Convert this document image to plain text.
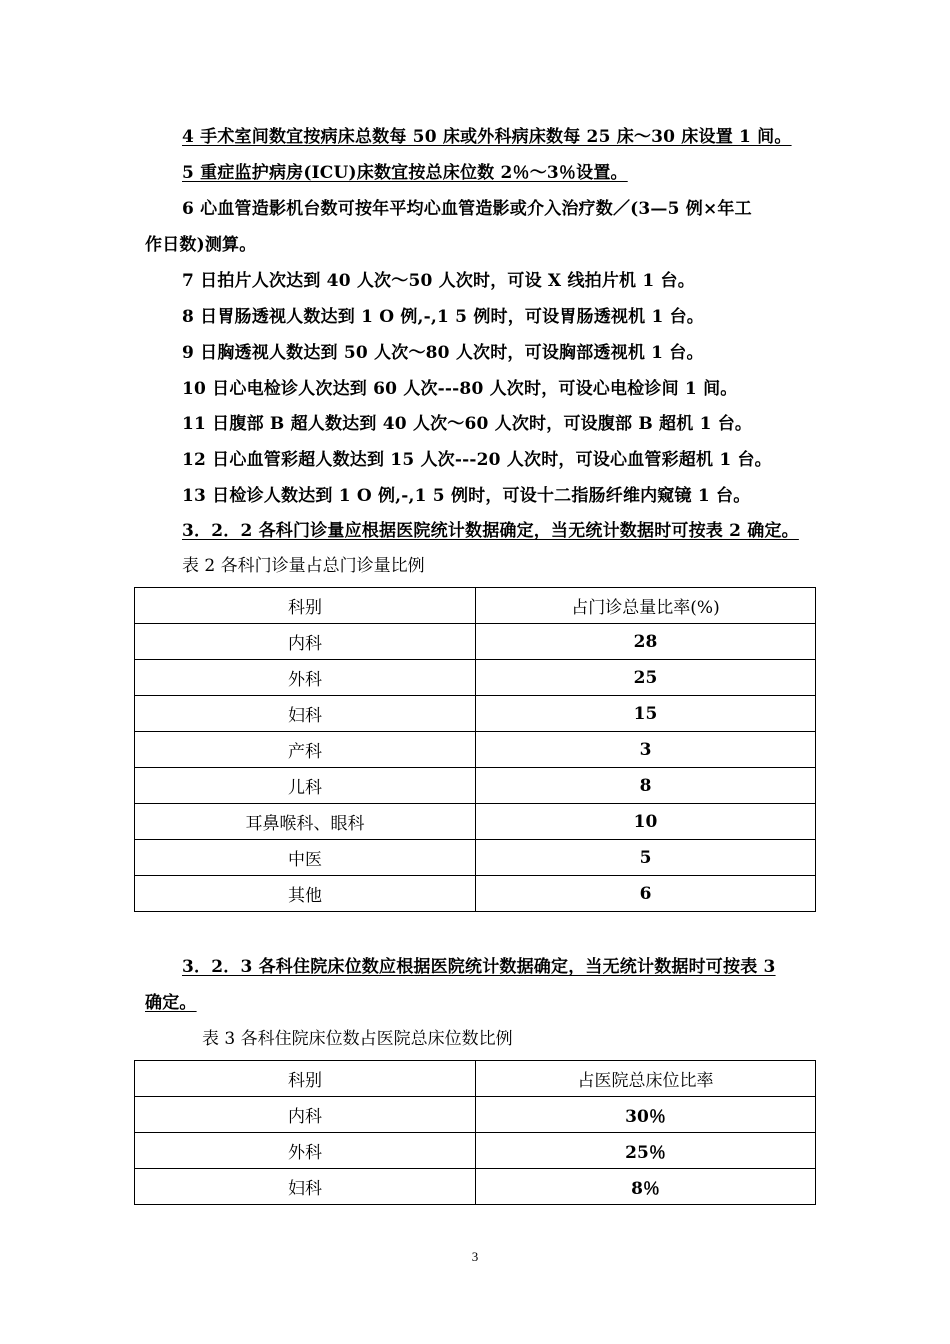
4 手术室间数宜按病床总数每 50 床或外科病床数每 25 床～30 床设置 1 间。
5 重症监护病房(ICU)床数宜按总床位数 2％～3％设置。
6 心血管造影机台数可按年平均心血管造影或介入治疗数／(3—5 例×年工
作日数)测算。
7 日拍片人次达到 40 人次～50 人次时，可设 X 线拍片机 1 台。
8 日胃肠透视人数达到 1 O 例,-,1 5 例时，可设胃肠透视机 1 台。
9 日胸透视人数达到 50 人次～80 人次时，可设胸部透视机 1 台。
10 日心电检诊人次达到 60 人次---80 人次时，可设心电检诊间 1 间。
11 日腹部 B 超人数达到 40 人次～60 人次时，可设腹部 B 超机 1 台。
12 日心血管彩超人数达到 15 人次---20 人次时，可设心血管彩超机 1 台。
13 日检诊人数达到 1 O 例,-,1 5 例时，可设十二指肠纤维内窥镜 1 台。
3．2．2 各科门诊量应根据医院统计数据确定，当无统计数据时可按表 2 确定。
表 2 各科门诊量占总门诊量比例
科别	占门诊总量比率(%)
内科	28
外科	25
妇科	15
产科	3
儿科	8
耳鼻喉科、眼科	10
中医	5
其他	6
3．2．3 各科住院床位数应根据医院统计数据确定，当无统计数据时可按表 3
确定。
表 3 各科住院床位数占医院总床位数比例
科别	占医院总床位比率
内科	30％
外科	25％
妇科	8％
3
